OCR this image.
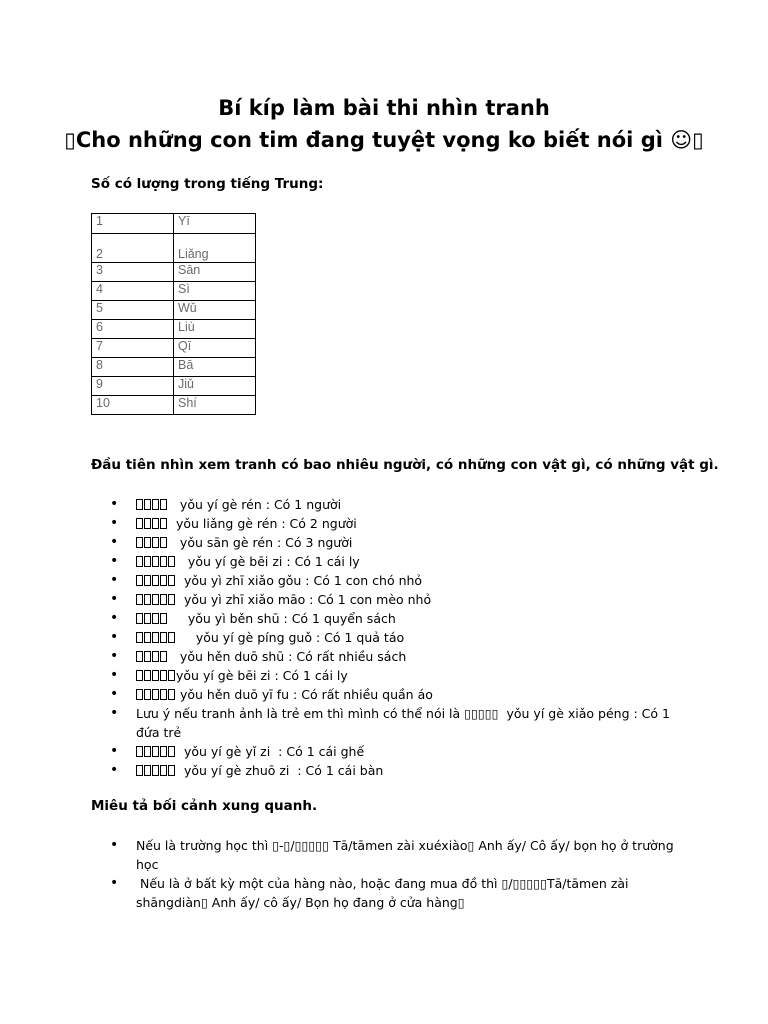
Bí kíp làm bài thi nhìn tranh
▯Cho những con tim đang tuyệt vọng ko biết nói gì ☺▯
Số có lượng trong tiếng Trung:
1	Yī
2	Liǎng
3	Sān
4	Sì
5	Wǔ
6	Liù
7	Qī
8	Bā
9	Jiǔ
10	Shí
Đầu tiên nhìn xem tranh có bao nhiêu người, có những con vật gì, có những vật gì.
•    yǒu yí gè rén : Có 1 người
•   yǒu liǎng gè rén : Có 2 người
•    yǒu sān gè rén : Có 3 người
•    yǒu yí gè bēi zi : Có 1 cái ly
•   yǒu yì zhī xiǎo gǒu : Có 1 con chó nhỏ
•   yǒu yì zhī xiǎo māo : Có 1 con mèo nhỏ
•      yǒu yì běn shū : Có 1 quyển sách
•      yǒu yí gè píng guǒ : Có 1 quả táo
•    yǒu hěn duō shū : Có rất nhiều sách
• yǒu yí gè bēi zi : Có 1 cái ly
•  yǒu hěn duō yī fu : Có rất nhiều quần áo
• Lưu ý nếu tranh ảnh là trẻ em thì mình có thể nói là ▯▯▯▯▯  yǒu yí gè xiǎo péng : Có 1 đứa trẻ
•   yǒu yí gè yǐ zi  : Có 1 cái ghế
•   yǒu yí gè zhuō zi  : Có 1 cái bàn
Miêu tả bối cảnh xung quanh.
• Nếu là trường học thì ▯-▯/▯▯▯▯▯ Tā/tāmen zài xuéxiào▯ Anh ấy/ Cô ấy/ bọn họ ở trường học
•  Nếu là ở bất kỳ một của hàng nào, hoặc đang mua đồ thì ▯/▯▯▯▯▯Tā/tāmen zài shāngdiàn▯ Anh ấy/ cô ấy/ Bọn họ đang ở cửa hàng▯
